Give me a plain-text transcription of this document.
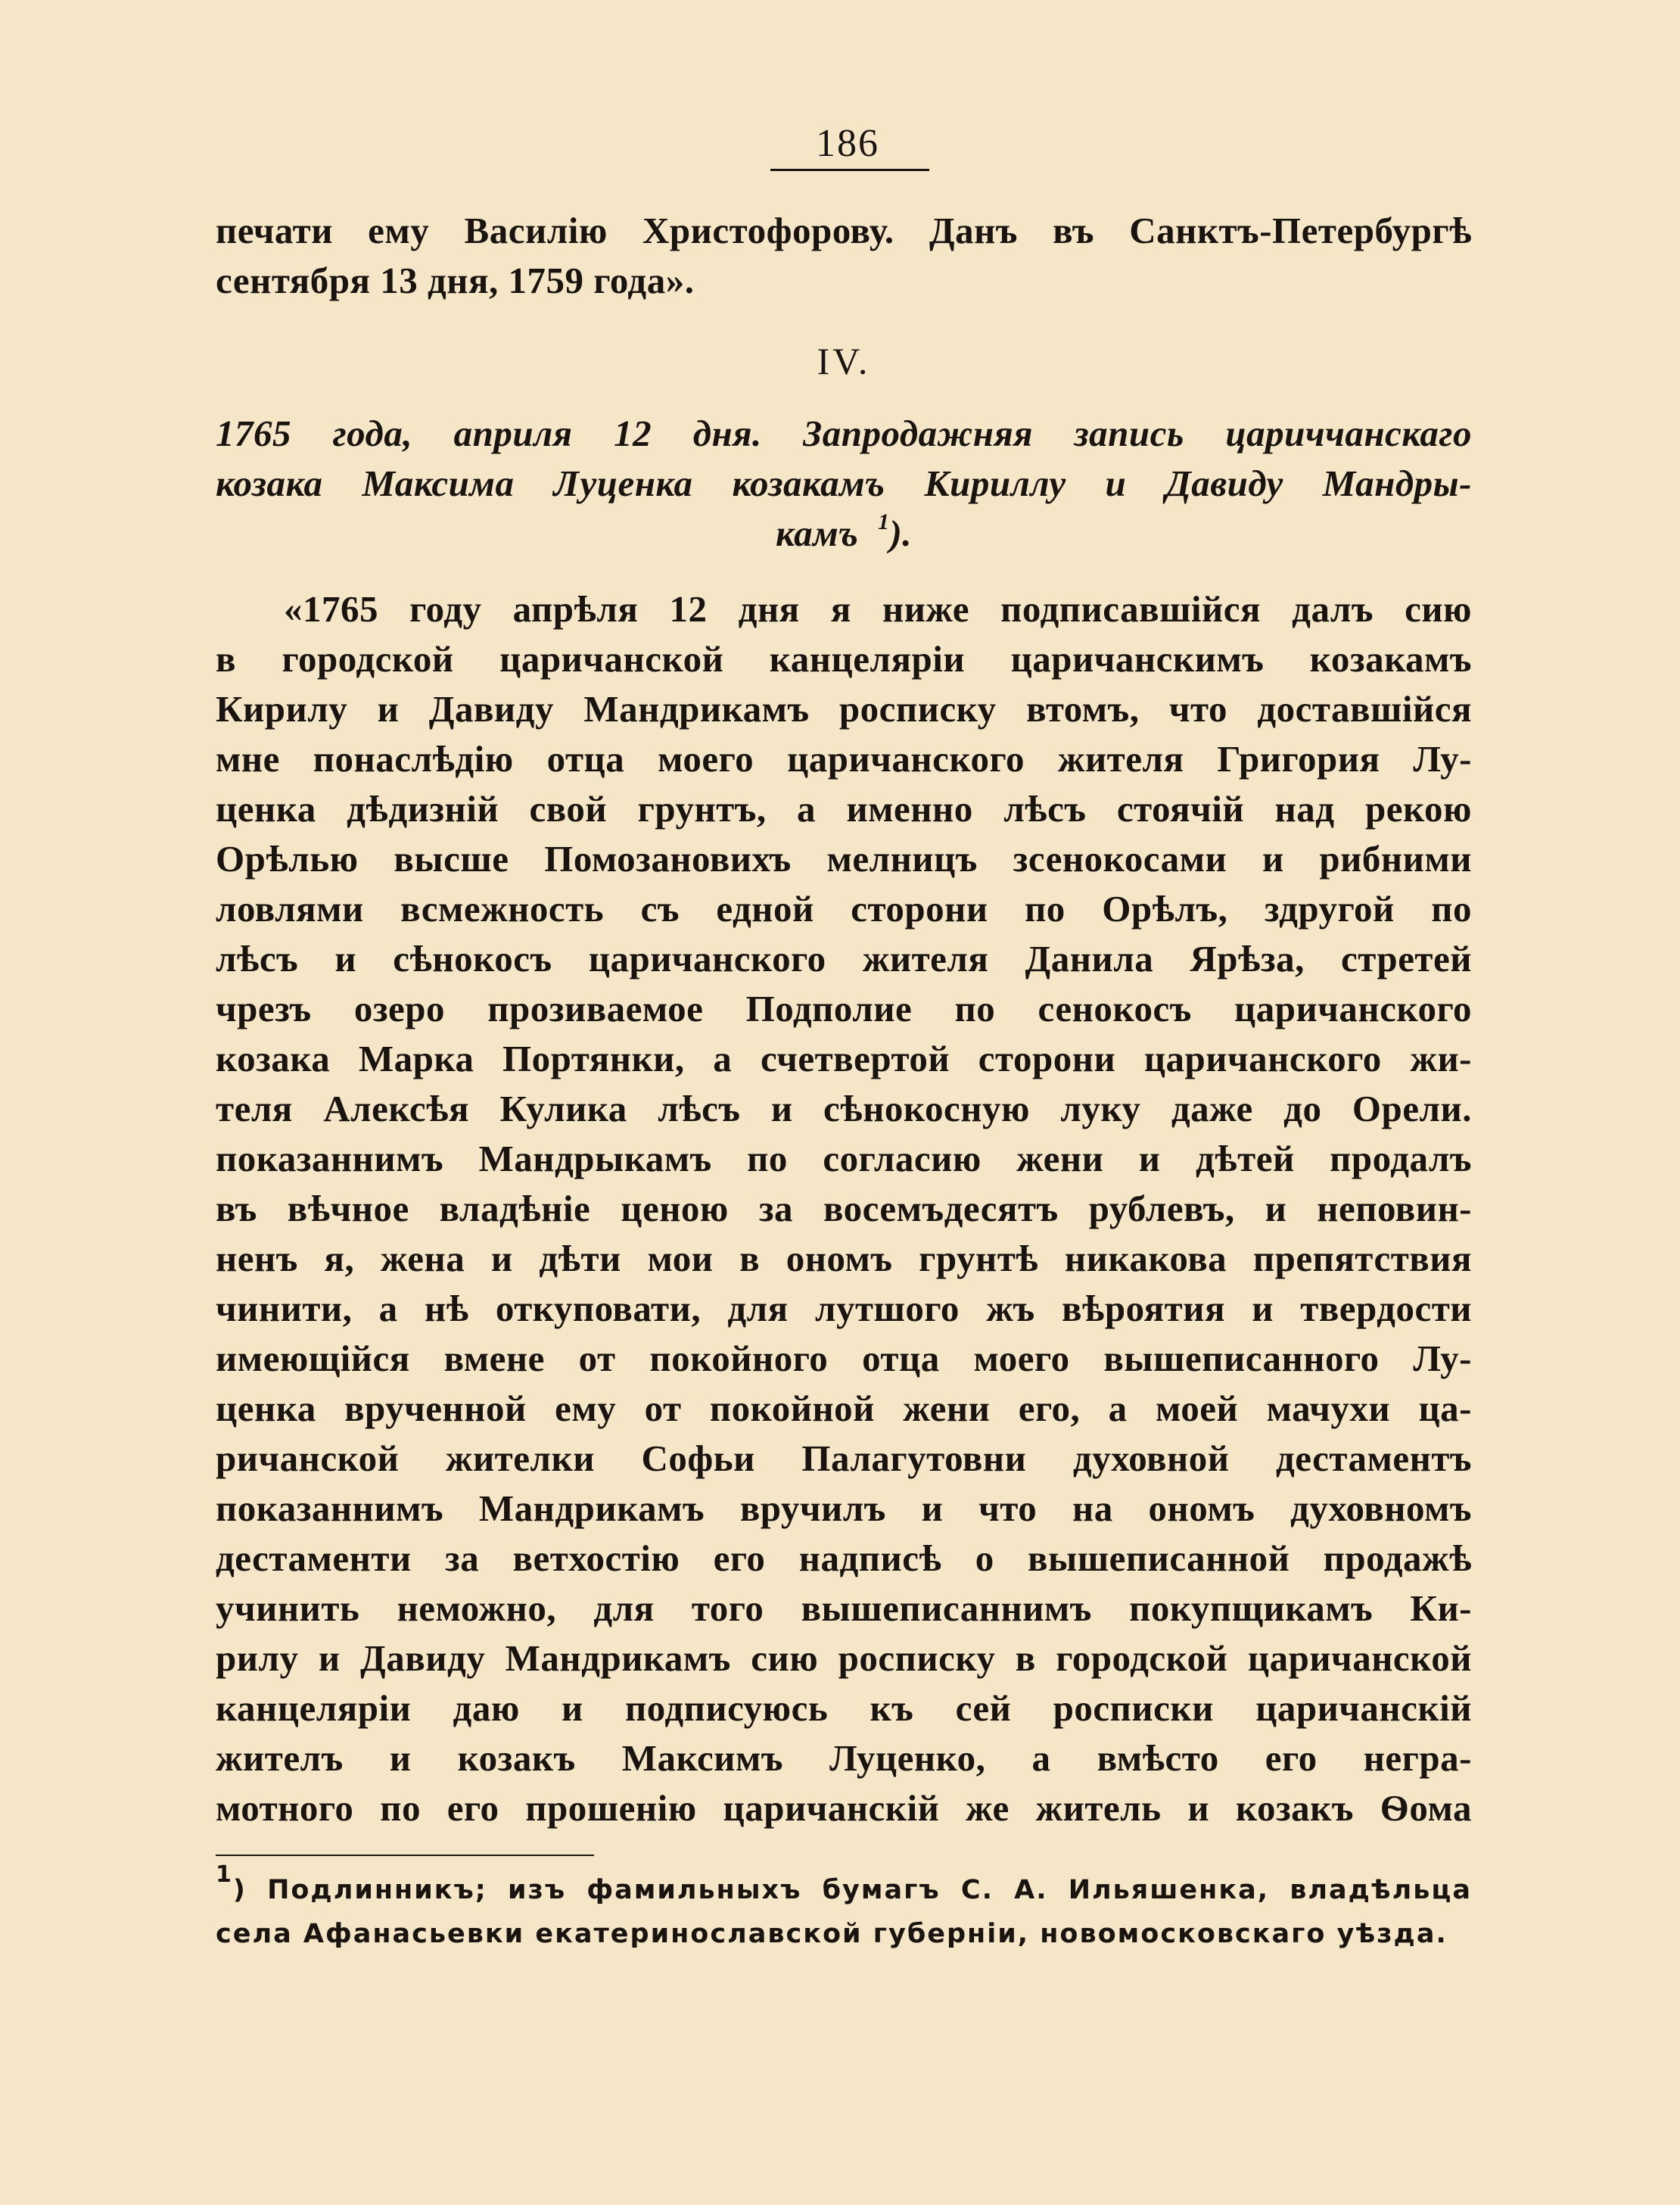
186
печати ему Василію Христофорову. Данъ въ Санктъ-Петербургѣ
сентября 13 дня, 1759 года».
IV.
1765 года, априля 12 дня. Запродажняя запись цариччанскаго
козака Максима Луценка козакамъ Кириллу и Давиду Мандры-
камъ $^1$).
«1765 году апрѣля 12 дня я ниже подписавшійся далъ сию
в городской царичанской канцеляріи царичанскимъ козакамъ
Кирилу и Давиду Мандрикамъ росписку втомъ, что доставшійся
мне понаслѣдію отца моего царичанского жителя Григория Лу-
ценка дѣдизній свой грунтъ, а именно лѣсъ стоячій над рекою
Орѣлью высше Помозановихъ мелницъ зсенокосами и рибними
ловлями всмежность съ едной сторони по Орѣлъ, здругой по
лѣсъ и сѣнокосъ царичанского жителя Данила Ярѣза, стретей
чрезъ озеро прозиваемое Подполие по сенокосъ царичанского
козака Марка Портянки, а счетвертой сторони царичанского жи-
теля Алексѣя Кулика лѣсъ и сѣнокосную луку даже до Орели.
показаннимъ Мандрыкамъ по согласию жени и дѣтей продалъ
въ вѣчное владѣніе ценою за восемъдесятъ рублевъ, и неповин-
ненъ я, жена и дѣти мои в ономъ грунтѣ никакова препятствия
чинити, а нѣ откуповати, для лутшого жъ вѣроятия и твердости
имеющійся вмене от покойного отца моего вышеписанного Лу-
ценка врученной ему от покойной жени его, а моей мачухи ца-
ричанской жителки Софьи Палагутовни духовной дестаментъ
показаннимъ Мандрикамъ вручилъ и что на ономъ духовномъ
дестаменти за ветхостію его надписѣ о вышеписанной продажѣ
учинить неможно, для того вышеписаннимъ покупщикамъ Ки-
рилу и Давиду Мандрикамъ сию росписку в городской царичанской
канцеляріи даю и подписуюсь къ сей росписки царичанскій
жителъ и козакъ Максимъ Луценко, а вмѣсто его негра-
мотного по его прошенію царичанскій же житель и козакъ Ѳома
$^1$) Подлинникъ; изъ фамильныхъ бумагъ С. А. Ильяшенка, владѣльца
села Афанасьевки екатеринославской губерніи, новомосковскаго уѣзда.
